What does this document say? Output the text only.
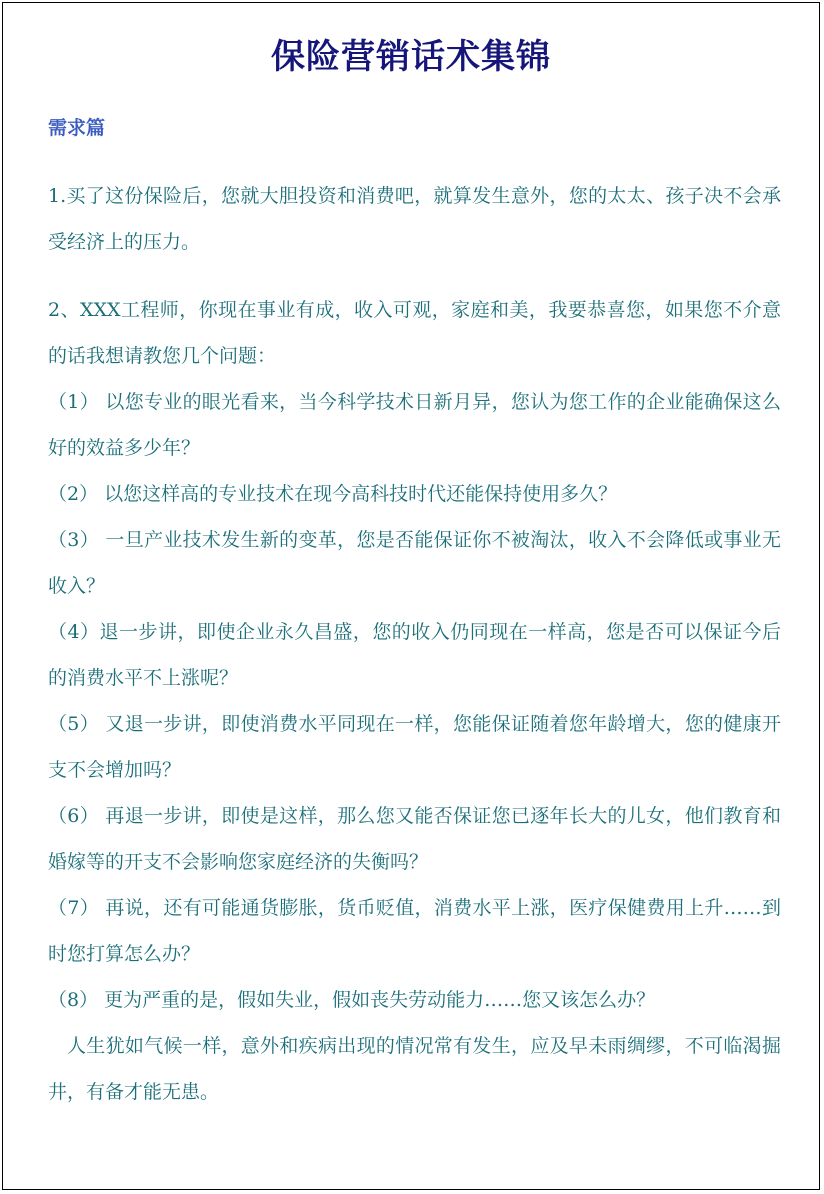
保险营销话术集锦
需求篇

1.买了这份保险后，您就大胆投资和消费吧，就算发生意外，您的太太、孩子决不会承受经济上的压力。

2、XXX工程师，你现在事业有成，收入可观，家庭和美，我要恭喜您，如果您不介意的话我想请教您几个问题：

（1） 以您专业的眼光看来，当今科学技术日新月异，您认为您工作的企业能确保这么好的效益多少年？

（2） 以您这样高的专业技术在现今高科技时代还能保持使用多久？

（3） 一旦产业技术发生新的变革，您是否能保证你不被淘汰，收入不会降低或事业无收入？

（4）退一步讲，即使企业永久昌盛，您的收入仍同现在一样高，您是否可以保证今后的消费水平不上涨呢？

（5） 又退一步讲，即使消费水平同现在一样，您能保证随着您年龄增大，您的健康开支不会增加吗？

（6） 再退一步讲，即使是这样，那么您又能否保证您已逐年长大的儿女，他们教育和婚嫁等的开支不会影响您家庭经济的失衡吗？

（7） 再说，还有可能通货膨胀，货币贬值，消费水平上涨，医疗保健费用上升……到时您打算怎么办？

（8） 更为严重的是，假如失业，假如丧失劳动能力……您又该怎么办？

人生犹如气候一样，意外和疾病出现的情况常有发生，应及早未雨绸缪，不可临渴掘井，有备才能无患。
